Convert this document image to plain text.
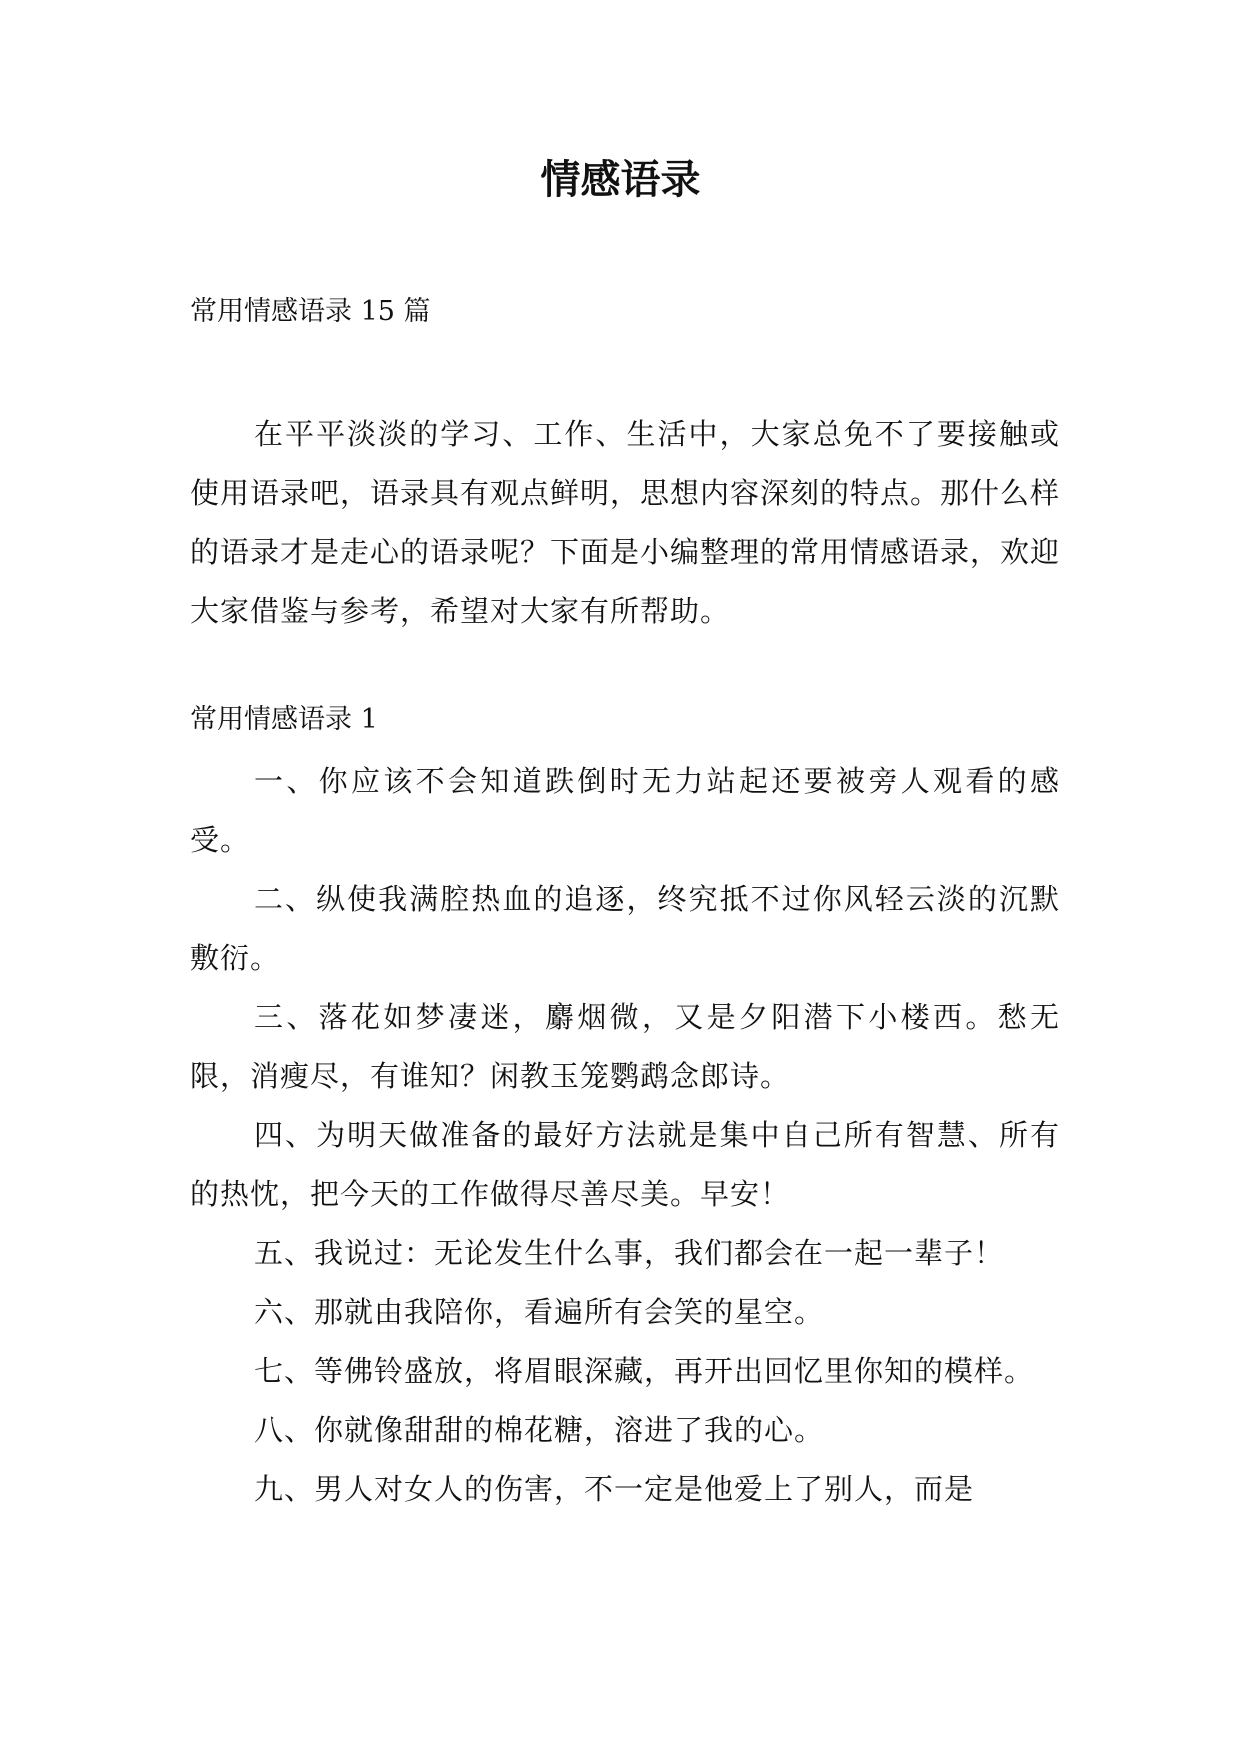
情感语录
常用情感语录 15 篇
在平平淡淡的学习、工作、生活中，大家总免不了要接触或使用语录吧，语录具有观点鲜明，思想内容深刻的特点。那什么样的语录才是走心的语录呢？下面是小编整理的常用情感语录，欢迎大家借鉴与参考，希望对大家有所帮助。
常用情感语录 1

一、你应该不会知道跌倒时无力站起还要被旁人观看的感受。

二、纵使我满腔热血的追逐，终究抵不过你风轻云淡的沉默敷衍。

三、落花如梦凄迷，麝烟微，又是夕阳潜下小楼西。愁无限，消瘦尽，有谁知？闲教玉笼鹦鹉念郎诗。

四、为明天做准备的最好方法就是集中自己所有智慧、所有的热忱，把今天的工作做得尽善尽美。早安！

五、我说过：无论发生什么事，我们都会在一起一辈子！

六、那就由我陪你，看遍所有会笑的星空。

七、等佛铃盛放，将眉眼深藏，再开出回忆里你知的模样。

八、你就像甜甜的棉花糖，溶进了我的心。

九、男人对女人的伤害，不一定是他爱上了别人，而是
